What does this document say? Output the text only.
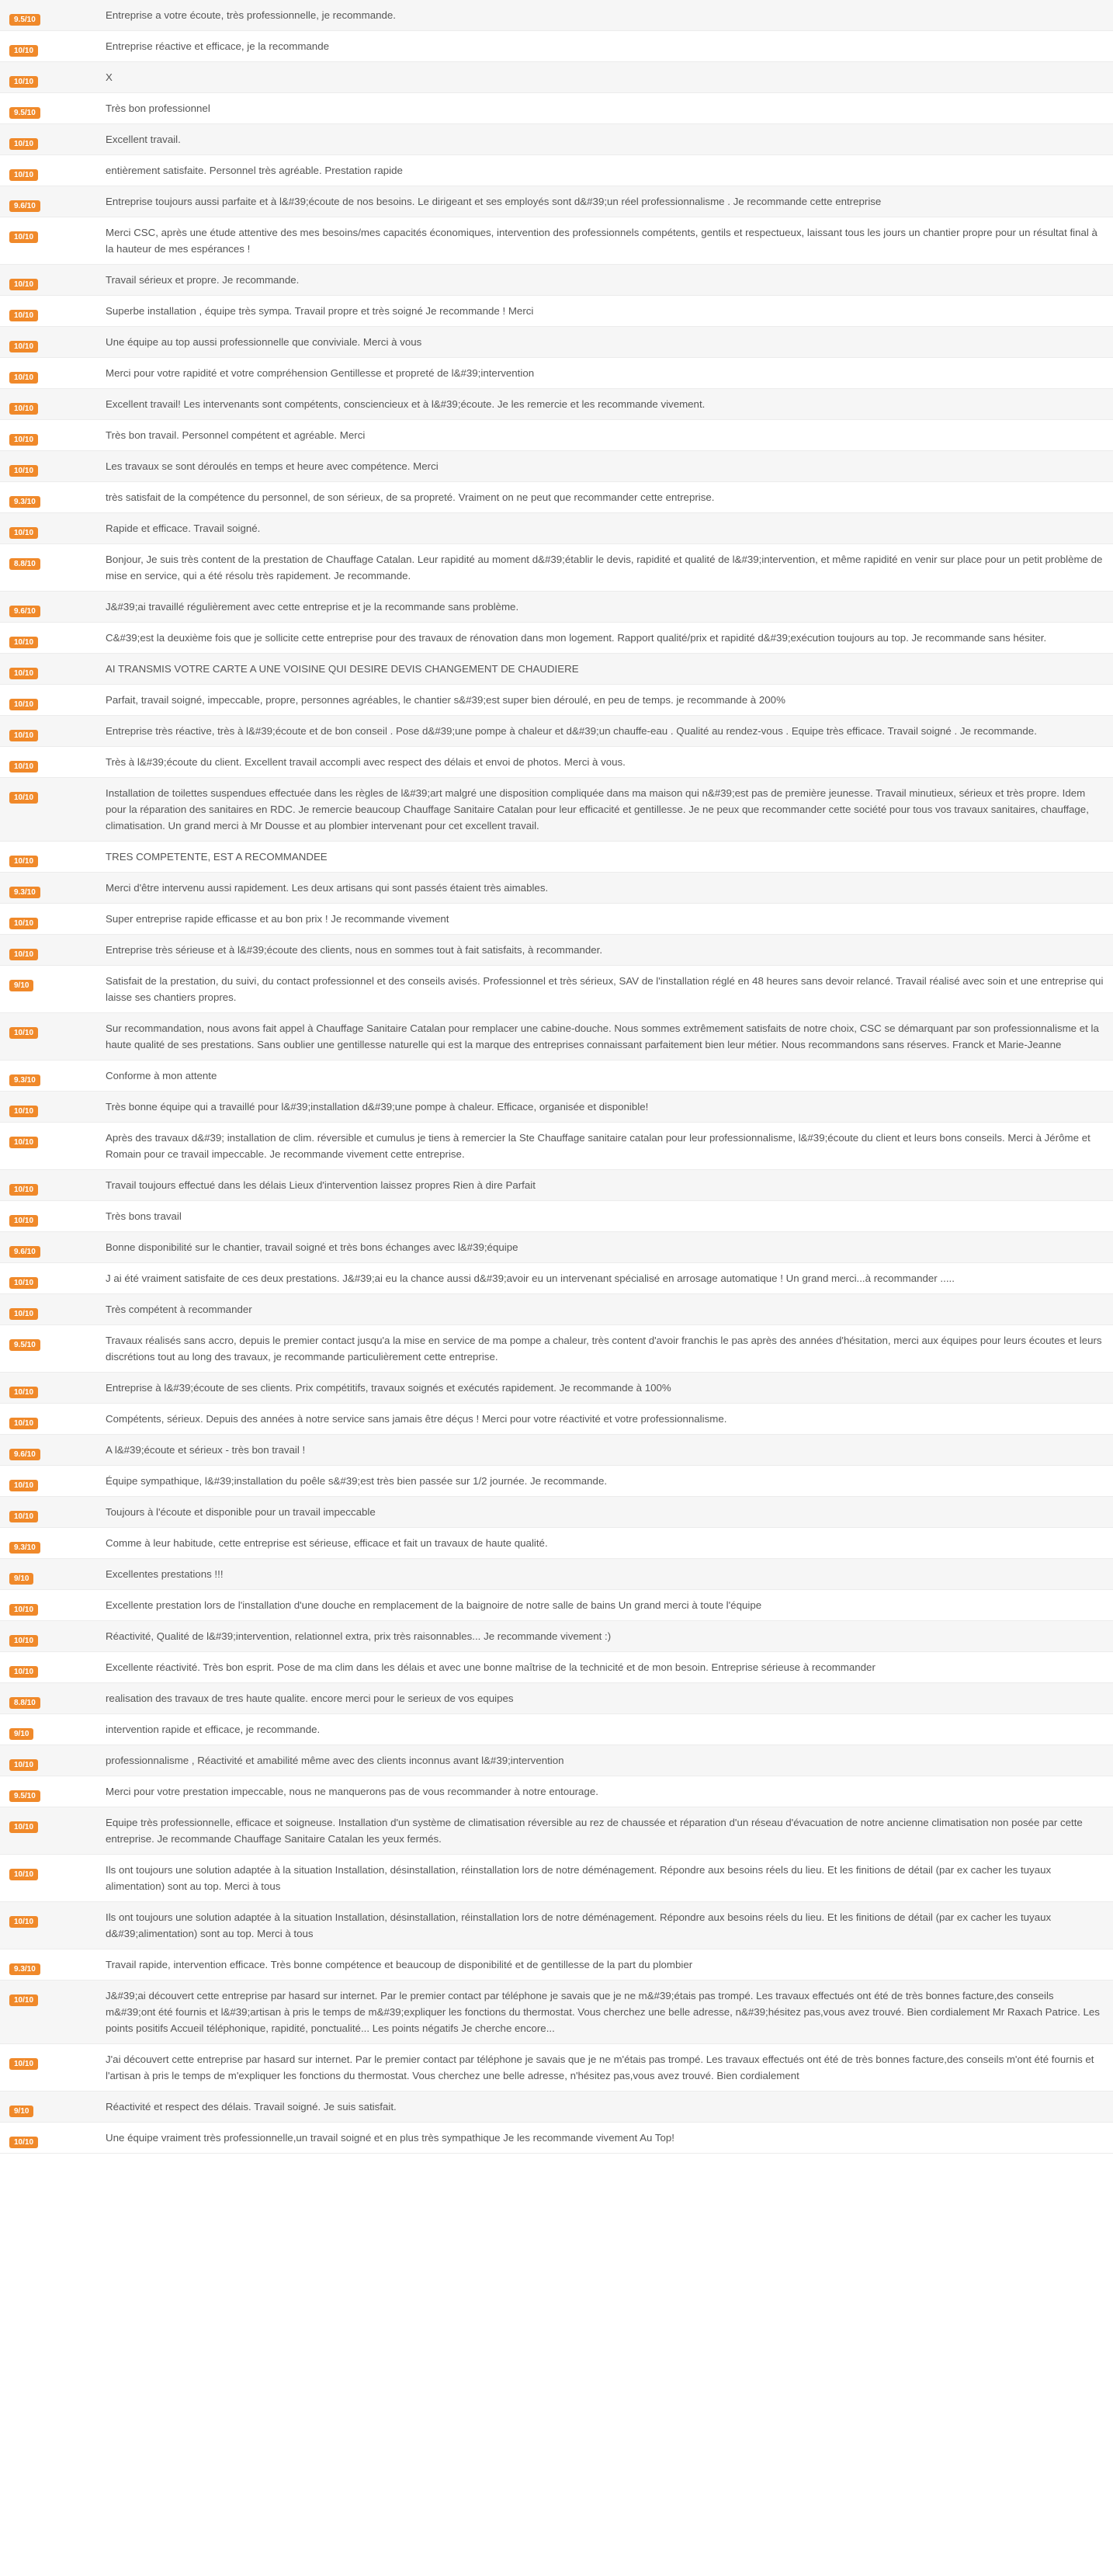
9.5/10	Entreprise a votre écoute, très professionnelle, je recommande.
10/10	Entreprise réactive et efficace, je la recommande
10/10	X
9.5/10	Très bon professionnel
10/10	Excellent travail.
10/10	entièrement satisfaite. Personnel très agréable. Prestation rapide
9.6/10	Entreprise toujours aussi parfaite et à l&#39;écoute de nos besoins. Le dirigeant et ses employés sont d&#39;un réel professionnalisme . Je recommande cette entreprise
10/10	Merci CSC, après une étude attentive des mes besoins/mes capacités économiques, intervention des professionnels compétents, gentils et respectueux, laissant tous les jours un chantier propre pour un résultat final à la hauteur de mes espérances !
10/10	Travail sérieux et propre. Je recommande.
10/10	Superbe installation , équipe très sympa. Travail propre et très soigné Je recommande ! Merci
10/10	Une équipe au top aussi professionnelle que conviviale. Merci à vous
10/10	Merci pour votre rapidité et votre compréhension Gentillesse et propreté de l&#39;intervention
10/10	Excellent travail! Les intervenants sont compétents, consciencieux et à l&#39;écoute. Je les remercie et les recommande vivement.
10/10	Très bon travail. Personnel compétent et agréable. Merci
10/10	Les travaux se sont déroulés en temps et heure avec compétence. Merci
9.3/10	très satisfait de la compétence du personnel, de son sérieux, de sa propreté. Vraiment on ne peut que recommander cette entreprise.
10/10	Rapide et efficace. Travail soigné.
8.8/10	Bonjour, Je suis très content de la prestation de Chauffage Catalan. Leur rapidité au moment d&#39;établir le devis, rapidité et qualité de l&#39;intervention, et même rapidité en venir sur place pour un petit problème de mise en service, qui a été résolu très rapidement. Je recommande.
9.6/10	J&#39;ai travaillé régulièrement avec cette entreprise et je la recommande sans problème.
10/10	C&#39;est la deuxième fois que je sollicite cette entreprise pour des travaux de rénovation dans mon logement. Rapport qualité/prix et rapidité d&#39;exécution toujours au top. Je recommande sans hésiter.
10/10	AI TRANSMIS VOTRE CARTE A UNE VOISINE QUI DESIRE DEVIS CHANGEMENT DE CHAUDIERE
10/10	Parfait, travail soigné, impeccable, propre, personnes agréables, le chantier s&#39;est super bien déroulé, en peu de temps. je recommande à 200%
10/10	Entreprise très réactive, très à l&#39;écoute et de bon conseil . Pose d&#39;une pompe à chaleur et d&#39;un chauffe-eau . Qualité au rendez-vous . Equipe très efficace. Travail soigné . Je recommande.
10/10	Très à l&#39;écoute du client. Excellent travail accompli avec respect des délais et envoi de photos. Merci à vous.
10/10	Installation de toilettes suspendues effectuée dans les règles de l&#39;art malgré une disposition compliquée dans ma maison qui n&#39;est pas de première jeunesse. Travail minutieux, sérieux et très propre. Idem pour la réparation des sanitaires en RDC. Je remercie beaucoup Chauffage Sanitaire Catalan pour leur efficacité et gentillesse. Je ne peux que recommander cette société pour tous vos travaux sanitaires, chauffage, climatisation. Un grand merci à Mr Dousse et au plombier intervenant pour cet excellent travail.
10/10	TRES COMPETENTE, EST A RECOMMANDEE
9.3/10	Merci d'être intervenu aussi rapidement. Les deux artisans qui sont passés étaient très aimables.
10/10	Super entreprise rapide efficasse et au bon prix ! Je recommande vivement
10/10	Entreprise très sérieuse et à l&#39;écoute des clients, nous en sommes tout à fait satisfaits, à recommander.
9/10	Satisfait de la prestation, du suivi, du contact professionnel et des conseils avisés. Professionnel et très sérieux, SAV de l'installation réglé en 48 heures sans devoir relancé. Travail réalisé avec soin et une entreprise qui laisse ses chantiers propres.
10/10	Sur recommandation, nous avons fait appel à Chauffage Sanitaire Catalan pour remplacer une cabine-douche. Nous sommes extrêmement satisfaits de notre choix, CSC se démarquant par son professionnalisme et la haute qualité de ses prestations. Sans oublier une gentillesse naturelle qui est la marque des entreprises connaissant parfaitement bien leur métier. Nous recommandons sans réserves. Franck et Marie-Jeanne
9.3/10	Conforme à mon attente
10/10	Très bonne équipe qui a travaillé pour l&#39;installation d&#39;une pompe à chaleur. Efficace, organisée et disponible!
10/10	Après des travaux d&#39; installation de clim. réversible et cumulus je tiens à remercier la Ste Chauffage sanitaire catalan pour leur professionnalisme, l&#39;écoute du client et leurs bons conseils. Merci à Jérôme et Romain pour ce travail impeccable. Je recommande vivement cette entreprise.
10/10	Travail toujours effectué dans les délais Lieux d'intervention laissez propres Rien à dire Parfait
10/10	Très bons travail
9.6/10	Bonne disponibilité sur le chantier, travail soigné et très bons échanges avec l&#39;équipe
10/10	J ai été vraiment satisfaite de ces deux prestations. J&#39;ai eu la chance aussi d&#39;avoir eu un intervenant spécialisé en arrosage automatique ! Un grand merci...à recommander .....
10/10	Très compétent à recommander
9.5/10	Travaux réalisés sans accro, depuis le premier contact jusqu'a la mise en service de ma pompe a chaleur, très content d'avoir franchis le pas après des années d'hésitation, merci aux équipes pour leurs écoutes et leurs discrétions tout au long des travaux, je recommande particulièrement cette entreprise.
10/10	Entreprise à l&#39;écoute de ses clients. Prix compétitifs, travaux soignés et exécutés rapidement. Je recommande à 100%
10/10	Compétents, sérieux. Depuis des années à notre service sans jamais être déçus ! Merci pour votre réactivité et votre professionnalisme.
9.6/10	A l&#39;écoute et sérieux - très bon travail !
10/10	Équipe sympathique, l&#39;installation du poêle s&#39;est très bien passée sur 1/2 journée. Je recommande.
10/10	Toujours à l'écoute et disponible pour un travail impeccable
9.3/10	Comme à leur habitude, cette entreprise est sérieuse, efficace et fait un travaux de haute qualité.
9/10	Excellentes prestations !!!
10/10	Excellente prestation lors de l'installation d'une douche en remplacement de la baignoire de notre salle de bains Un grand merci à toute l'équipe
10/10	Réactivité, Qualité de l&#39;intervention, relationnel extra, prix très raisonnables... Je recommande vivement :)
10/10	Excellente réactivité. Très bon esprit. Pose de ma clim dans les délais et avec une bonne maîtrise de la technicité et de mon besoin. Entreprise sérieuse à recommander
8.8/10	realisation des travaux de tres haute qualite. encore merci pour le serieux de vos equipes
9/10	intervention rapide et efficace, je recommande.
10/10	professionnalisme , Réactivité et amabilité même avec des clients inconnus avant l&#39;intervention
9.5/10	Merci pour votre prestation impeccable, nous ne manquerons pas de vous recommander à notre entourage.
10/10	Equipe très professionnelle, efficace et soigneuse. Installation d'un système de climatisation réversible au rez de chaussée et réparation d'un réseau d'évacuation de notre ancienne climatisation non posée par cette entreprise. Je recommande Chauffage Sanitaire Catalan les yeux fermés.
10/10	Ils ont toujours une solution adaptée à la situation Installation, désinstallation, réinstallation lors de notre déménagement. Répondre aux besoins réels du lieu. Et les finitions de détail (par ex cacher les tuyaux alimentation) sont au top. Merci à tous
10/10	Ils ont toujours une solution adaptée à la situation Installation, désinstallation, réinstallation lors de notre déménagement. Répondre aux besoins réels du lieu. Et les finitions de détail (par ex cacher les tuyaux d&#39;alimentation) sont au top. Merci à tous
9.3/10	Travail rapide, intervention efficace. Très bonne compétence et beaucoup de disponibilité et de gentillesse de la part du plombier
10/10	J&#39;ai découvert cette entreprise par hasard sur internet. Par le premier contact par téléphone je savais que je ne m&#39;étais pas trompé. Les travaux effectués ont été de très bonnes facture,des conseils m&#39;ont été fournis et l&#39;artisan à pris le temps de m&#39;expliquer les fonctions du thermostat. Vous cherchez une belle adresse, n&#39;hésitez pas,vous avez trouvé. Bien cordialement Mr Raxach Patrice. Les points positifs Accueil téléphonique, rapidité, ponctualité... Les points négatifs Je cherche encore...
10/10	J'ai découvert cette entreprise par hasard sur internet. Par le premier contact par téléphone je savais que je ne m'étais pas trompé. Les travaux effectués ont été de très bonnes facture,des conseils m'ont été fournis et l'artisan à pris le temps de m'expliquer les fonctions du thermostat. Vous cherchez une belle adresse, n'hésitez pas,vous avez trouvé. Bien cordialement
9/10	Réactivité et respect des délais. Travail soigné. Je suis satisfait.
10/10	Une équipe vraiment très professionnelle,un travail soigné et en plus très sympathique Je les recommande vivement Au Top!
